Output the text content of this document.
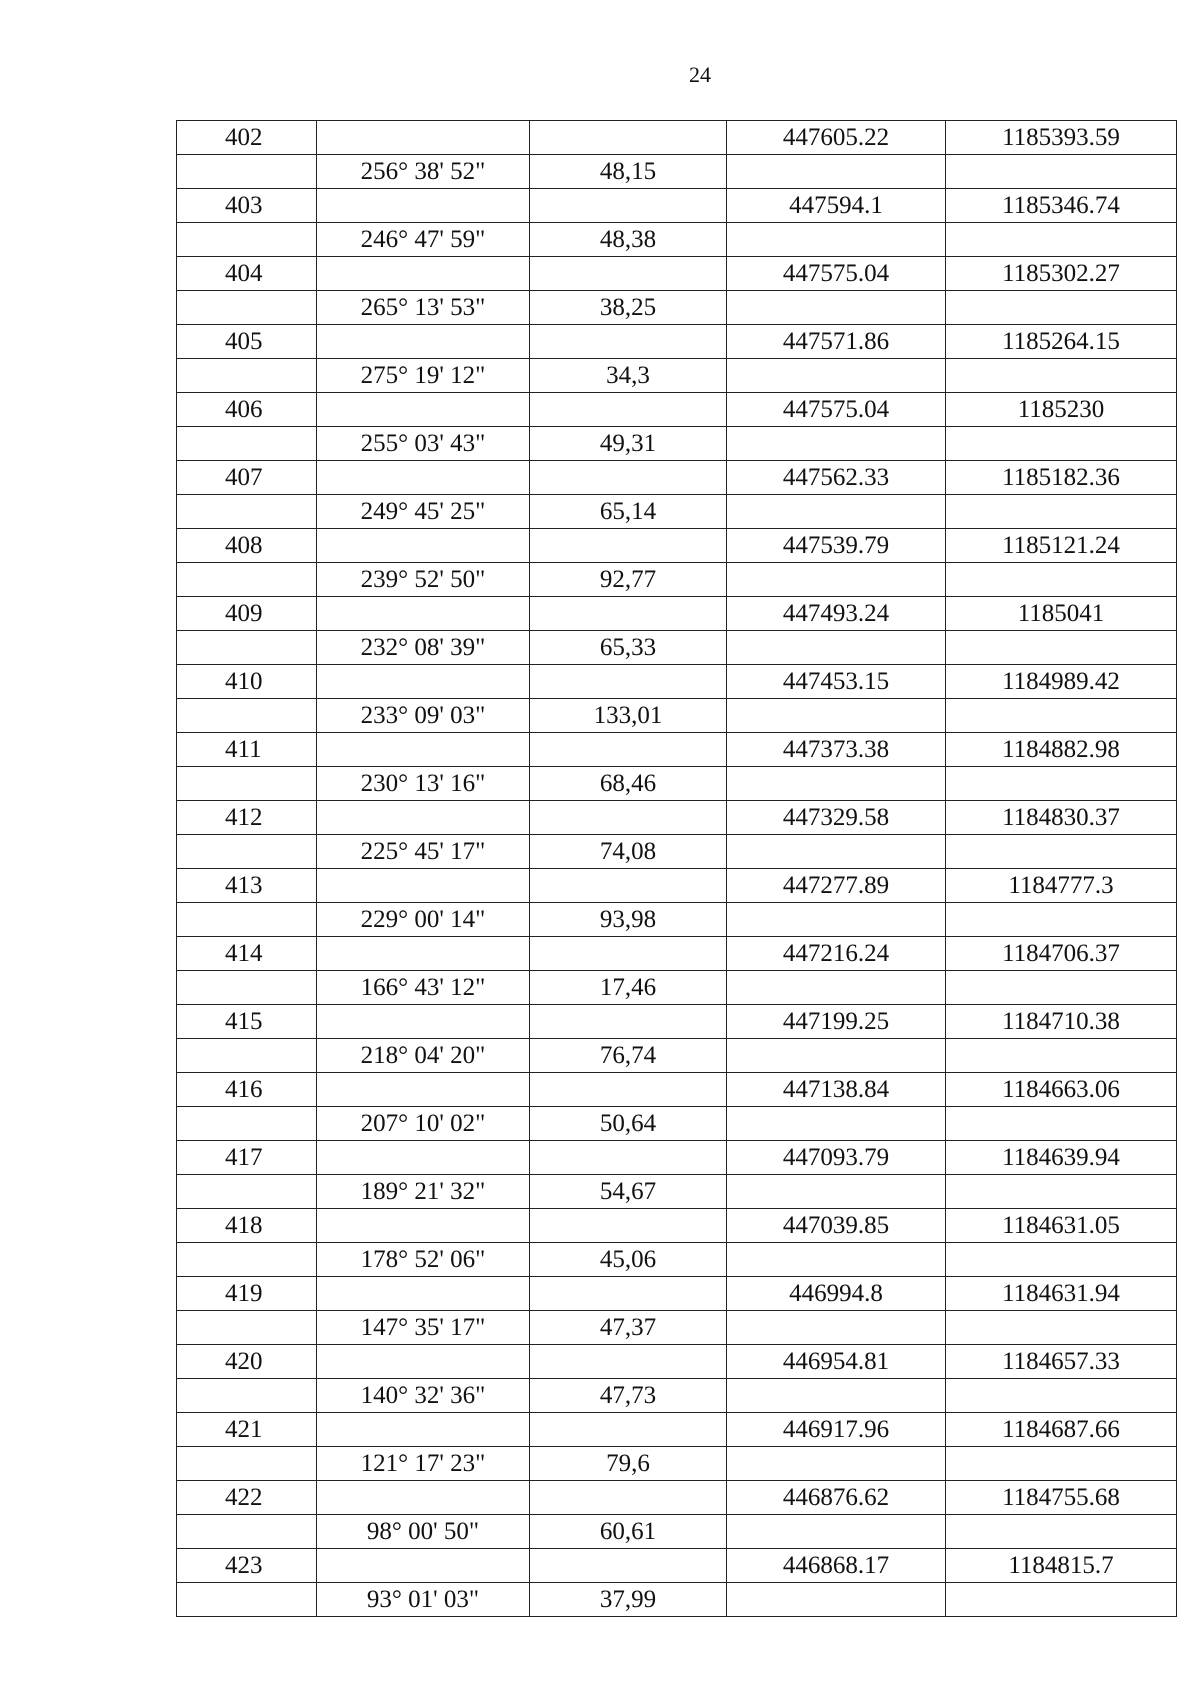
24
402			447605.22	1185393.59
	256° 38' 52"	48,15		
403			447594.1	1185346.74
	246° 47' 59"	48,38		
404			447575.04	1185302.27
	265° 13' 53"	38,25		
405			447571.86	1185264.15
	275° 19' 12"	34,3		
406			447575.04	1185230
	255° 03' 43"	49,31		
407			447562.33	1185182.36
	249° 45' 25"	65,14		
408			447539.79	1185121.24
	239° 52' 50"	92,77		
409			447493.24	1185041
	232° 08' 39"	65,33		
410			447453.15	1184989.42
	233° 09' 03"	133,01		
411			447373.38	1184882.98
	230° 13' 16"	68,46		
412			447329.58	1184830.37
	225° 45' 17"	74,08		
413			447277.89	1184777.3
	229° 00' 14"	93,98		
414			447216.24	1184706.37
	166° 43' 12"	17,46		
415			447199.25	1184710.38
	218° 04' 20"	76,74		
416			447138.84	1184663.06
	207° 10' 02"	50,64		
417			447093.79	1184639.94
	189° 21' 32"	54,67		
418			447039.85	1184631.05
	178° 52' 06"	45,06		
419			446994.8	1184631.94
	147° 35' 17"	47,37		
420			446954.81	1184657.33
	140° 32' 36"	47,73		
421			446917.96	1184687.66
	121° 17' 23"	79,6		
422			446876.62	1184755.68
	98° 00' 50"	60,61		
423			446868.17	1184815.7
	93° 01' 03"	37,99		
